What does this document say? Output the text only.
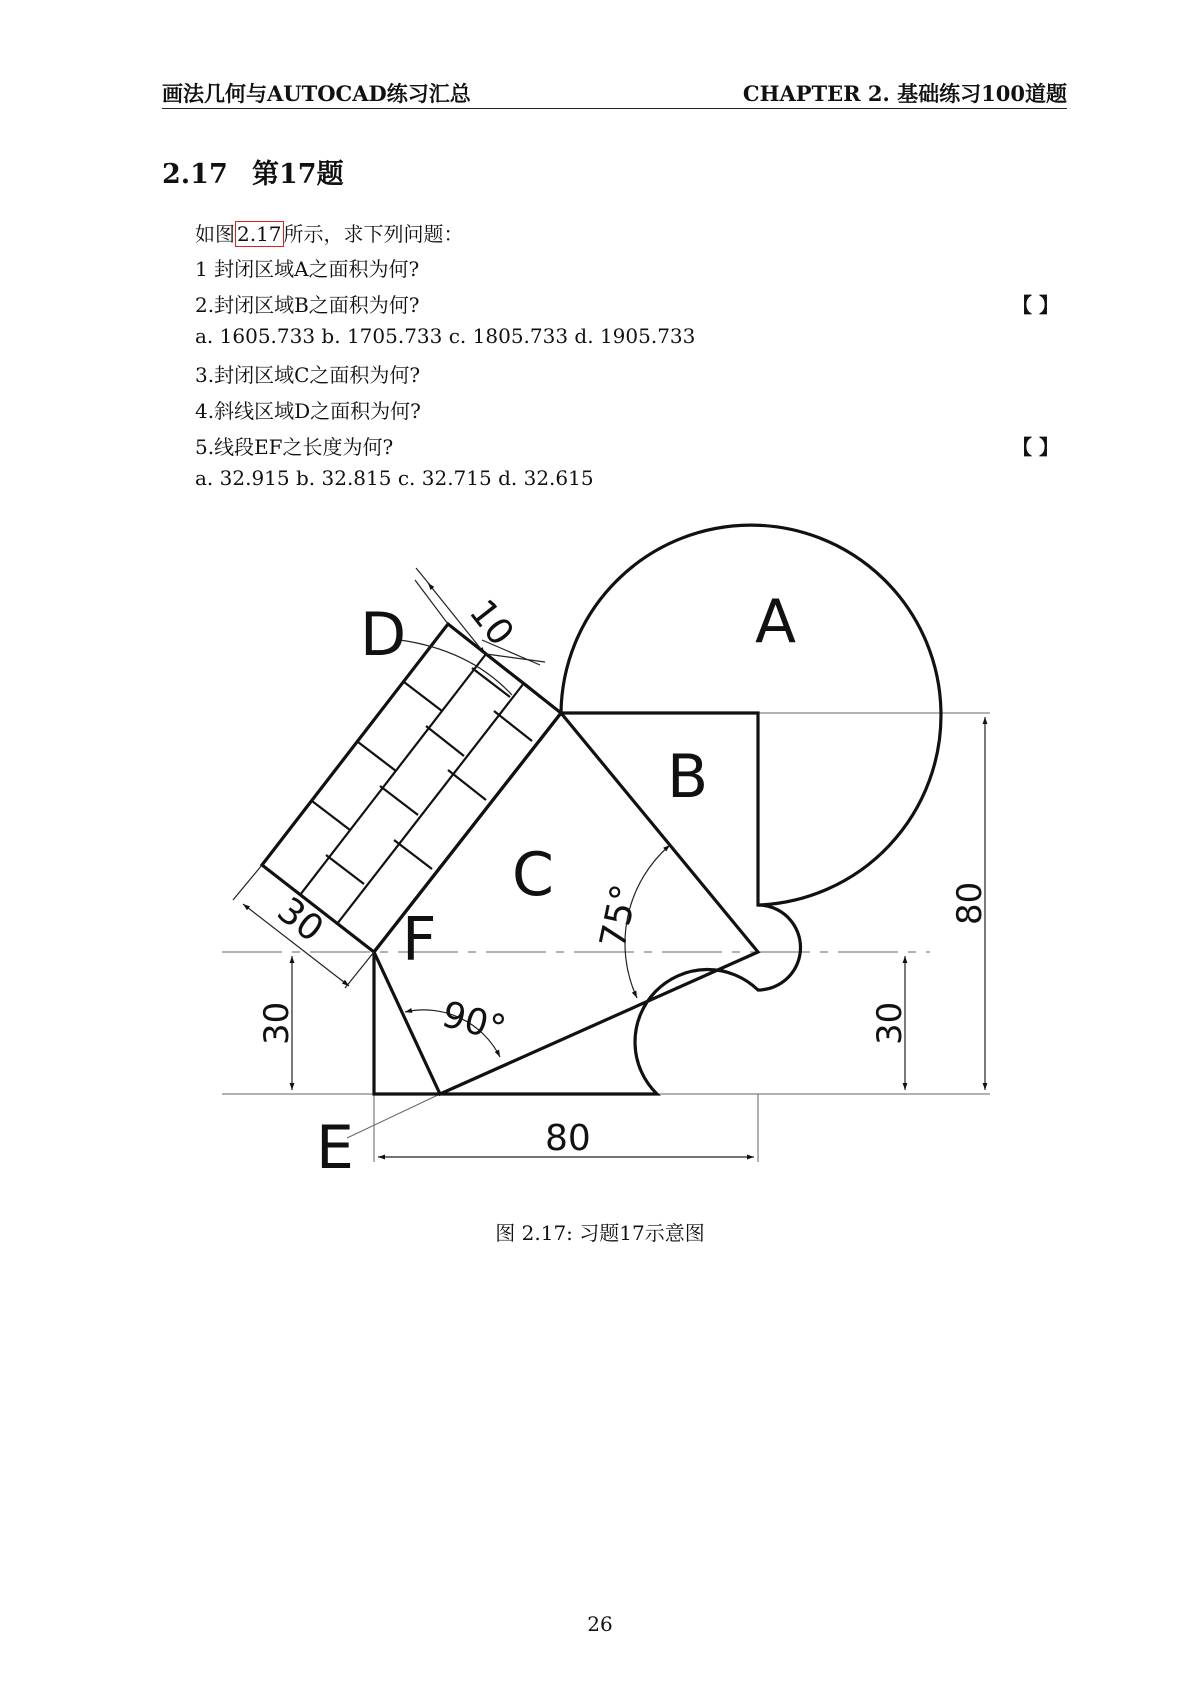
画法几何与AUTOCAD练习汇总	CHAPTER 2. 基础练习100道题
2.17 第17题
如图 2.17 所示，求下列问题：
1 封闭区域A之面积为何?
2.封闭区域B之面积为何?	【 】
a. 1605.733 b. 1705.733 c. 1805.733 d. 1905.733
3.封闭区域C之面积为何?
4.斜线区域D之面积为何?
5.线段EF之长度为何?	【 】
a. 32.915 b. 32.815 c. 32.715 d. 32.615
D	A
B
C
F
E
10
30
30	30
80
80
75°
90°
图 2.17: 习题17示意图
26
